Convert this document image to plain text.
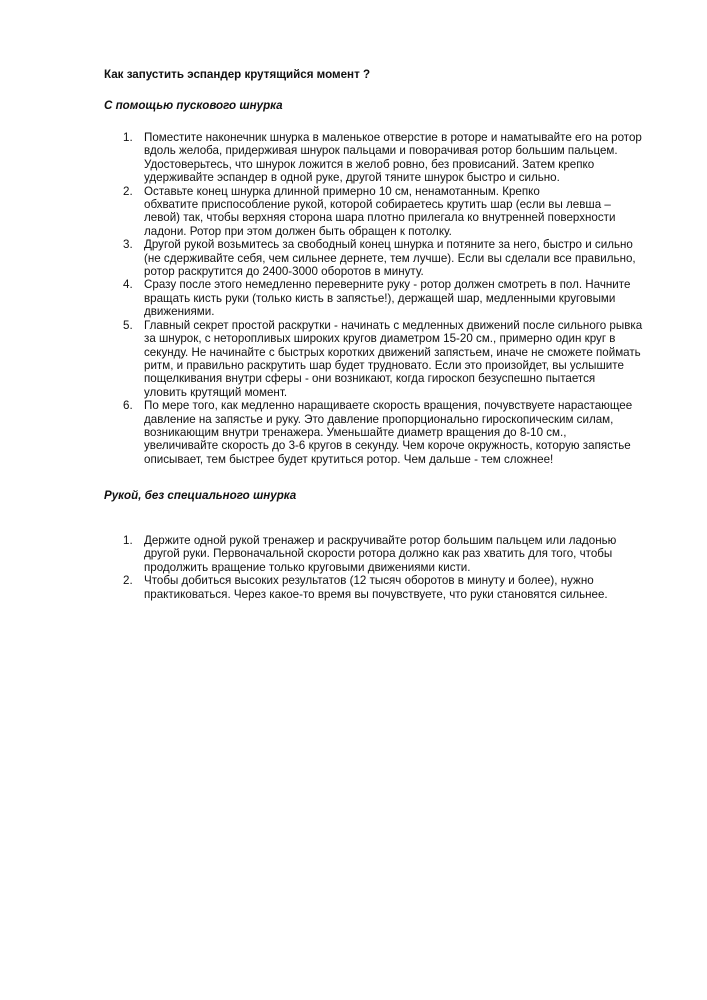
Как запустить эспандер крутящийся момент ?
С помощью пускового шнурка
1. Поместите наконечник шнурка в маленькое отверстие в роторе и наматывайте его на ротор
вдоль желоба, придерживая шнурок пальцами и поворачивая ротор большим пальцем.
Удостоверьтесь, что шнурок ложится в желоб ровно, без провисаний. Затем крепко
удерживайте эспандер в одной руке, другой тяните шнурок быстро и сильно.
2. Оставьте конец шнурка длинной примерно 10 см, ненамотанным. Крепко
обхватите приспособление рукой, которой собираетесь крутить шар (если вы левша –
левой) так, чтобы верхняя сторона шара плотно прилегала ко внутренней поверхности
ладони. Ротор при этом должен быть обращен к потолку.
3. Другой рукой возьмитесь за свободный конец шнурка и потяните за него, быстро и сильно
(не сдерживайте себя, чем сильнее дернете, тем лучше). Если вы сделали все правильно,
ротор раскрутится до 2400-3000 оборотов в минуту.
4. Сразу после этого немедленно переверните руку - ротор должен смотреть в пол. Начните
вращать кисть руки (только кисть в запястье!), держащей шар, медленными круговыми
движениями.
5. Главный секрет простой раскрутки - начинать с медленных движений после сильного рывка
за шнурок, с неторопливых широких кругов диаметром 15-20 см., примерно один круг в
секунду. Не начинайте с быстрых коротких движений запястьем, иначе не сможете поймать
ритм, и правильно раскрутить шар будет трудновато. Если это произойдет, вы услышите
пощелкивания внутри сферы - они возникают, когда гироскоп безуспешно пытается
уловить крутящий момент.
6. По мере того, как медленно наращиваете скорость вращения, почувствуете нарастающее
давление на запястье и руку. Это давление пропорционально гироскопическим силам,
возникающим внутри тренажера. Уменьшайте диаметр вращения до 8-10 см.,
увеличивайте скорость до 3-6 кругов в секунду. Чем короче окружность, которую запястье
описывает, тем быстрее будет крутиться ротор. Чем дальше - тем сложнее!
Рукой, без специального шнурка
1. Держите одной рукой тренажер и раскручивайте ротор большим пальцем или ладонью
другой руки. Первоначальной скорости ротора должно как раз хватить для того, чтобы
продолжить вращение только круговыми движениями кисти.
2. Чтобы добиться высоких результатов (12 тысяч оборотов в минуту и более), нужно
практиковаться. Через какое-то время вы почувствуете, что руки становятся сильнее.
